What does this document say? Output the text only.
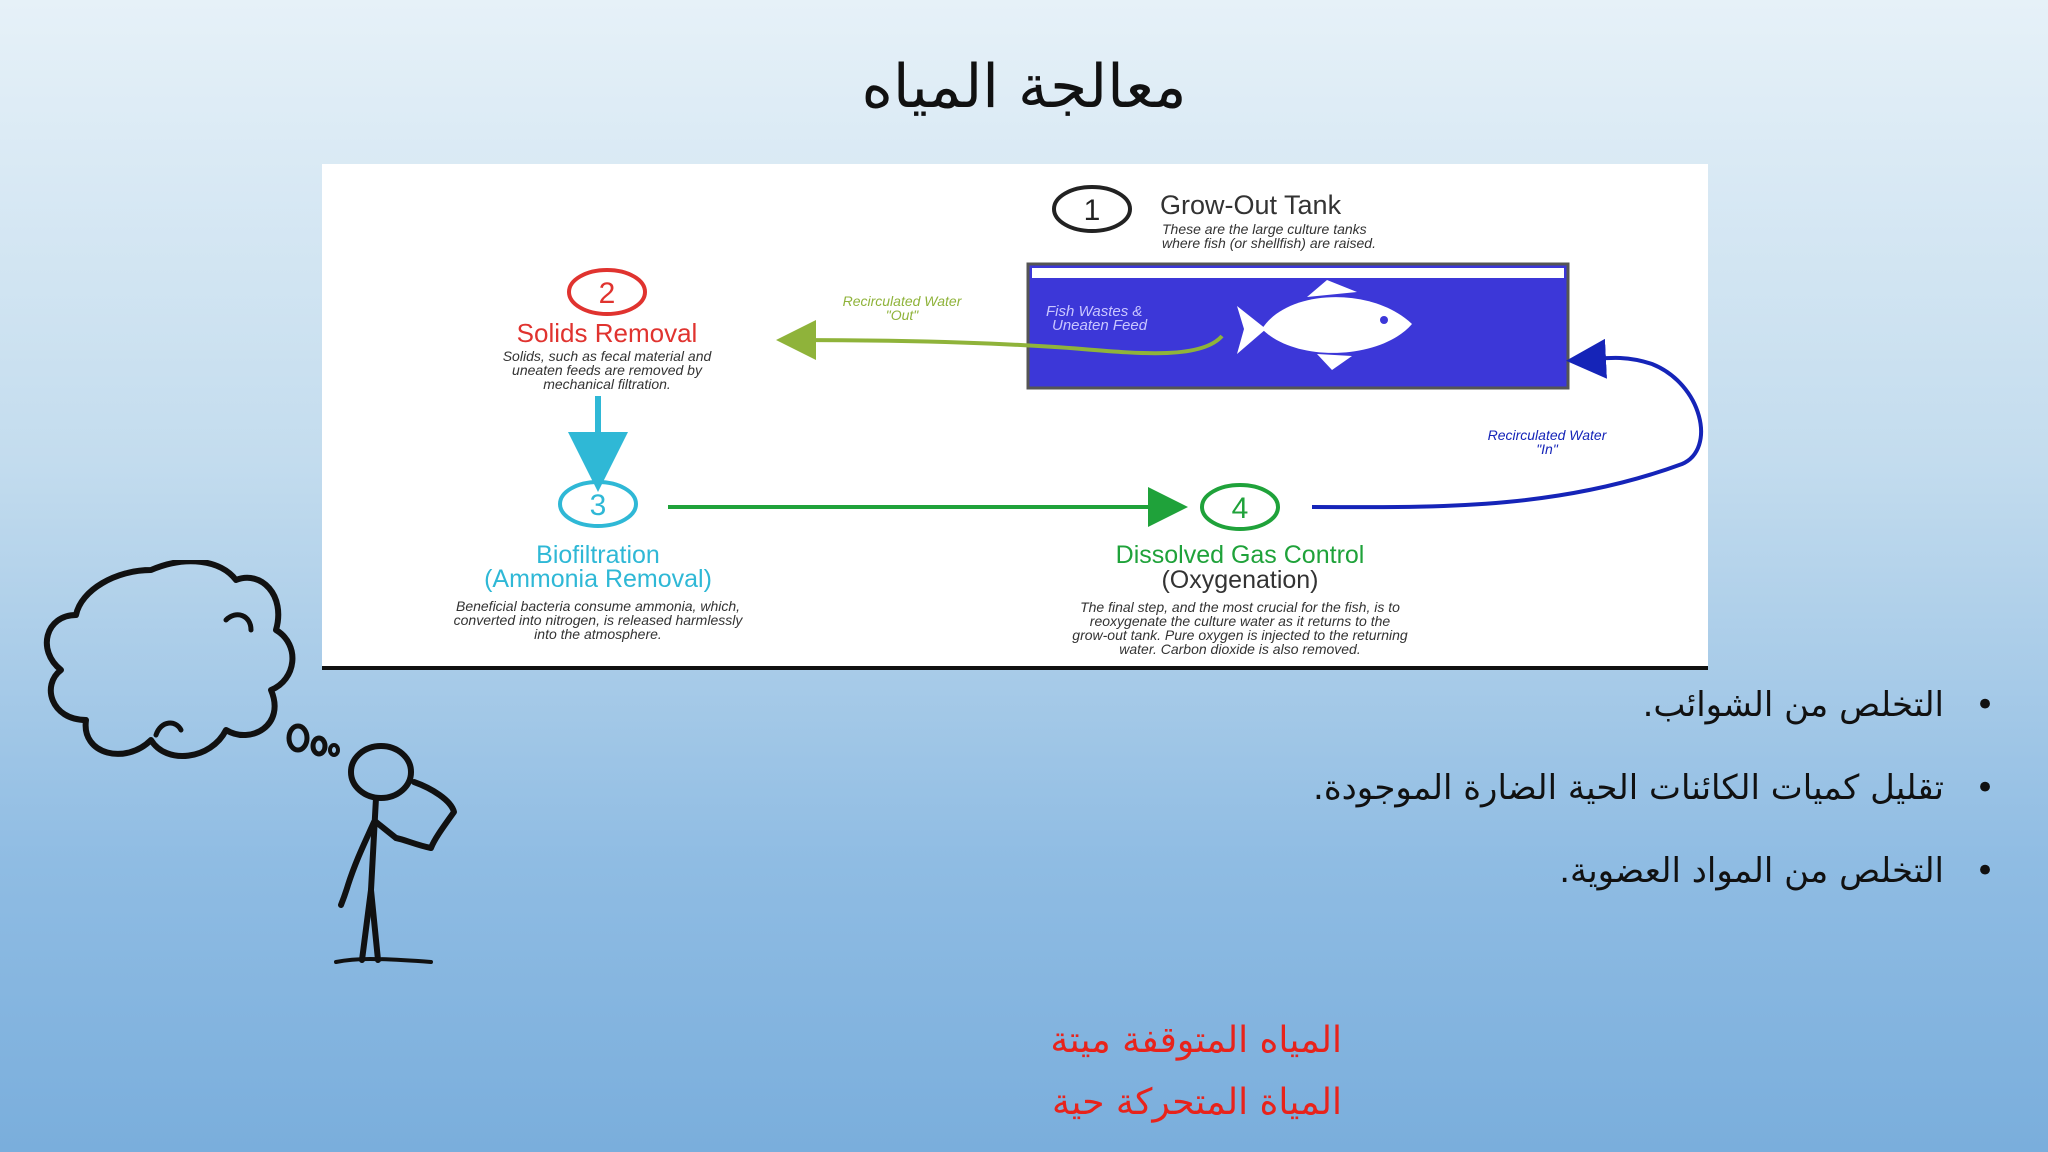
معالجة المياه
1 Grow-Out Tank
These are the large culture tanks
where fish (or shellfish) are raised.
Fish Wastes &
Uneaten Feed
Recirculated Water
"Out"
2
Solids Removal
Solids, such as fecal material and
uneaten feeds are removed by
mechanical filtration.
3
Biofiltration
(Ammonia Removal)
Beneficial bacteria consume ammonia, which,
converted into nitrogen, is released harmlessly
into the atmosphere.
4
Dissolved Gas Control
(Oxygenation)
The final step, and the most crucial for the fish, is to
reoxygenate the culture water as it returns to the
grow-out tank. Pure oxygen is injected to the returning
water. Carbon dioxide is also removed.
Recirculated Water
"In"
•
التخلص من الشوائب.
•
تقليل كميات الكائنات الحية الضارة الموجودة.
•
التخلص من المواد العضوية.
المياه المتوقفة ميتة
المياة المتحركة حية
